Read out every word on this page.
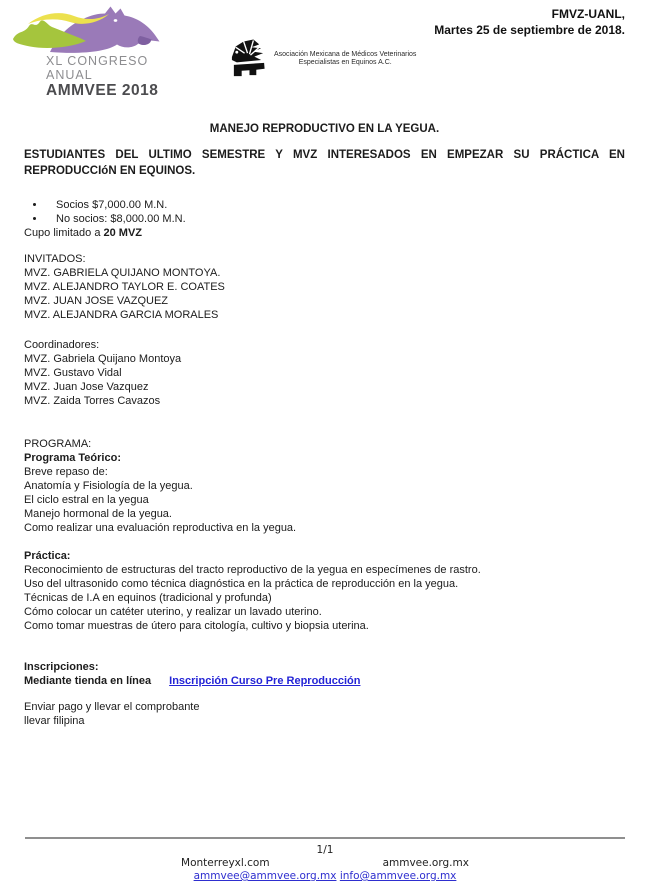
XL CONGRESO ANUAL
AMMVEE 2018
Asociación Mexicana de Médicos Veterinarios
Especialistas en Equinos A.C.
FMVZ-UANL,
Martes 25 de septiembre de 2018.
MANEJO REPRODUCTIVO EN LA YEGUA.
ESTUDIANTES DEL ULTIMO SEMESTRE Y MVZ INTERESADOS EN EMPEZAR SU PRÁCTICA EN REPRODUCCIóN EN EQUINOS.
• Socios $7,000.00 M.N.
• No socios: $8,000.00 M.N.
Cupo limitado a 20 MVZ
INVITADOS:
MVZ. GABRIELA QUIJANO MONTOYA.
MVZ. ALEJANDRO TAYLOR E. COATES
MVZ. JUAN JOSE VAZQUEZ
MVZ. ALEJANDRA GARCIA MORALES
Coordinadores:
MVZ. Gabriela Quijano Montoya
MVZ. Gustavo Vidal
MVZ. Juan Jose Vazquez
MVZ. Zaida Torres Cavazos
PROGRAMA:
Programa Teórico:
Breve repaso de:
Anatomía y Fisiología de la yegua.
El ciclo estral en la yegua
Manejo hormonal de la yegua.
Como realizar una evaluación reproductiva en la yegua.
Práctica:
Reconocimiento de estructuras del tracto reproductivo de la yegua en especímenes de rastro.
Uso del ultrasonido como técnica diagnóstica en la práctica de reproducción en la yegua.
Técnicas de I.A en equinos (tradicional y profunda)
Cómo colocar un catéter uterino, y realizar un lavado uterino.
Como tomar muestras de útero para citología, cultivo y biopsia uterina.
Inscripciones:
Mediante tienda en línea Inscripción Curso Pre Reproducción
Enviar pago y llevar el comprobante
llevar filipina
1/1
Monterreyxl.com	ammvee.org.mx
ammvee@ammvee.org.mx info@ammvee.org.mx
